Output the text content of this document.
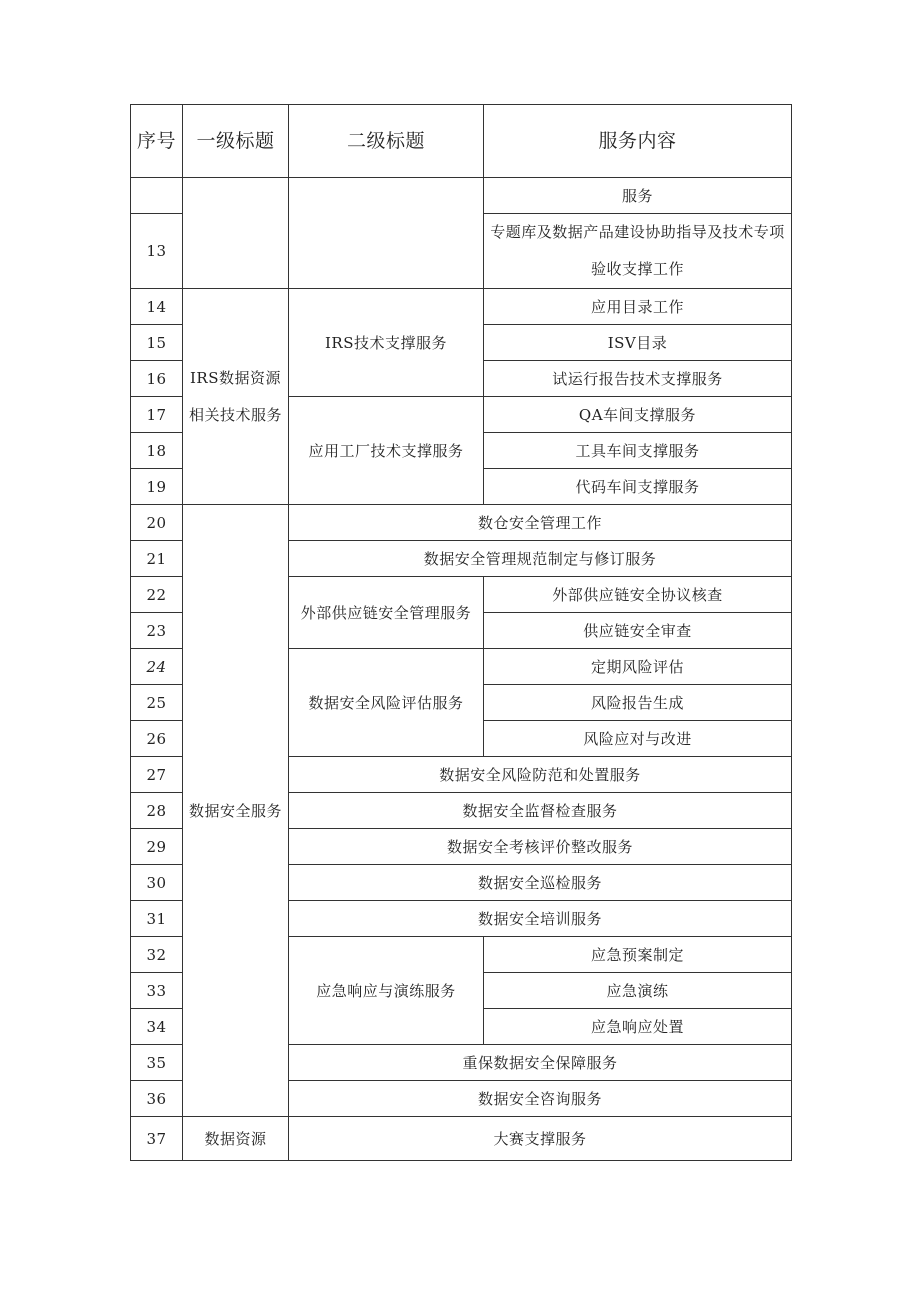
序号	一级标题	二级标题	服务内容
			服务
13			专题库及数据产品建设协助指导及技术专项验收支撑工作
14	IRS数据资源相关技术服务	IRS技术支撑服务	应用目录工作
15			ISV目录
16			试运行报告技术支撑服务
17		应用工厂技术支撑服务	QA车间支撑服务
18			工具车间支撑服务
19			代码车间支撑服务
20	数据安全服务	数仓安全管理工作	
21		数据安全管理规范制定与修订服务	
22		外部供应链安全管理服务	外部供应链安全协议核查
23			供应链安全审查
24		数据安全风险评估服务	定期风险评估
25			风险报告生成
26			风险应对与改进
27		数据安全风险防范和处置服务	
28		数据安全监督检查服务	
29		数据安全考核评价整改服务	
30		数据安全巡检服务	
31		数据安全培训服务	
32		应急响应与演练服务	应急预案制定
33			应急演练
34			应急响应处置
35		重保数据安全保障服务	
36		数据安全咨询服务	
37	数据资源	大赛支撑服务	
